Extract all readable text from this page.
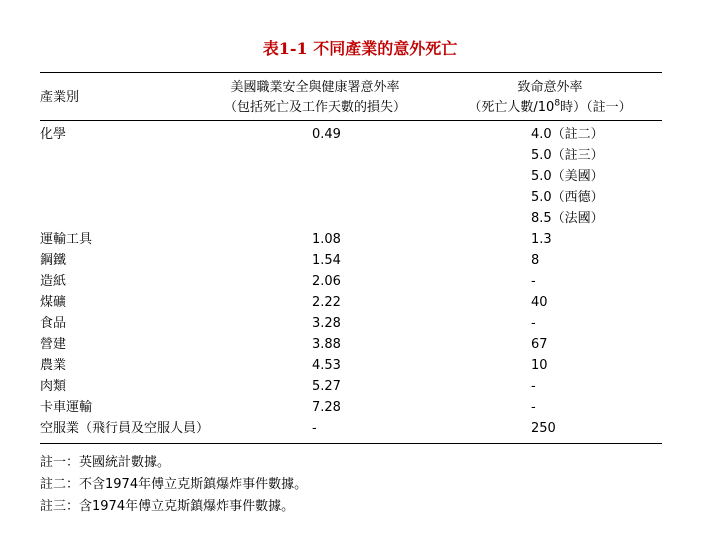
表1-1 不同產業的意外死亡
產業別
美國職業安全與健康署意外率
（包括死亡及工作天數的損失）
致命意外率
（死亡人數$/10^8$時）（註一）
化學
運輸工具
鋼鐵
造紙
煤礦
食品
營建
農業
肉類
卡車運輸
空服業（飛行員及空服人員）
0.49
1.08
1.54
2.06
2.22
3.28
3.88
4.53
5.27
7.28
-
4.0（註二）
5.0（註三）
5.0（美國）
5.0（西德）
8.5（法國）
1.3
8
-
40
-
67
10
-
-
250
註一：英國統計數據。
註二：不含1974年傅立克斯鎮爆炸事件數據。
註三：含1974年傅立克斯鎮爆炸事件數據。
